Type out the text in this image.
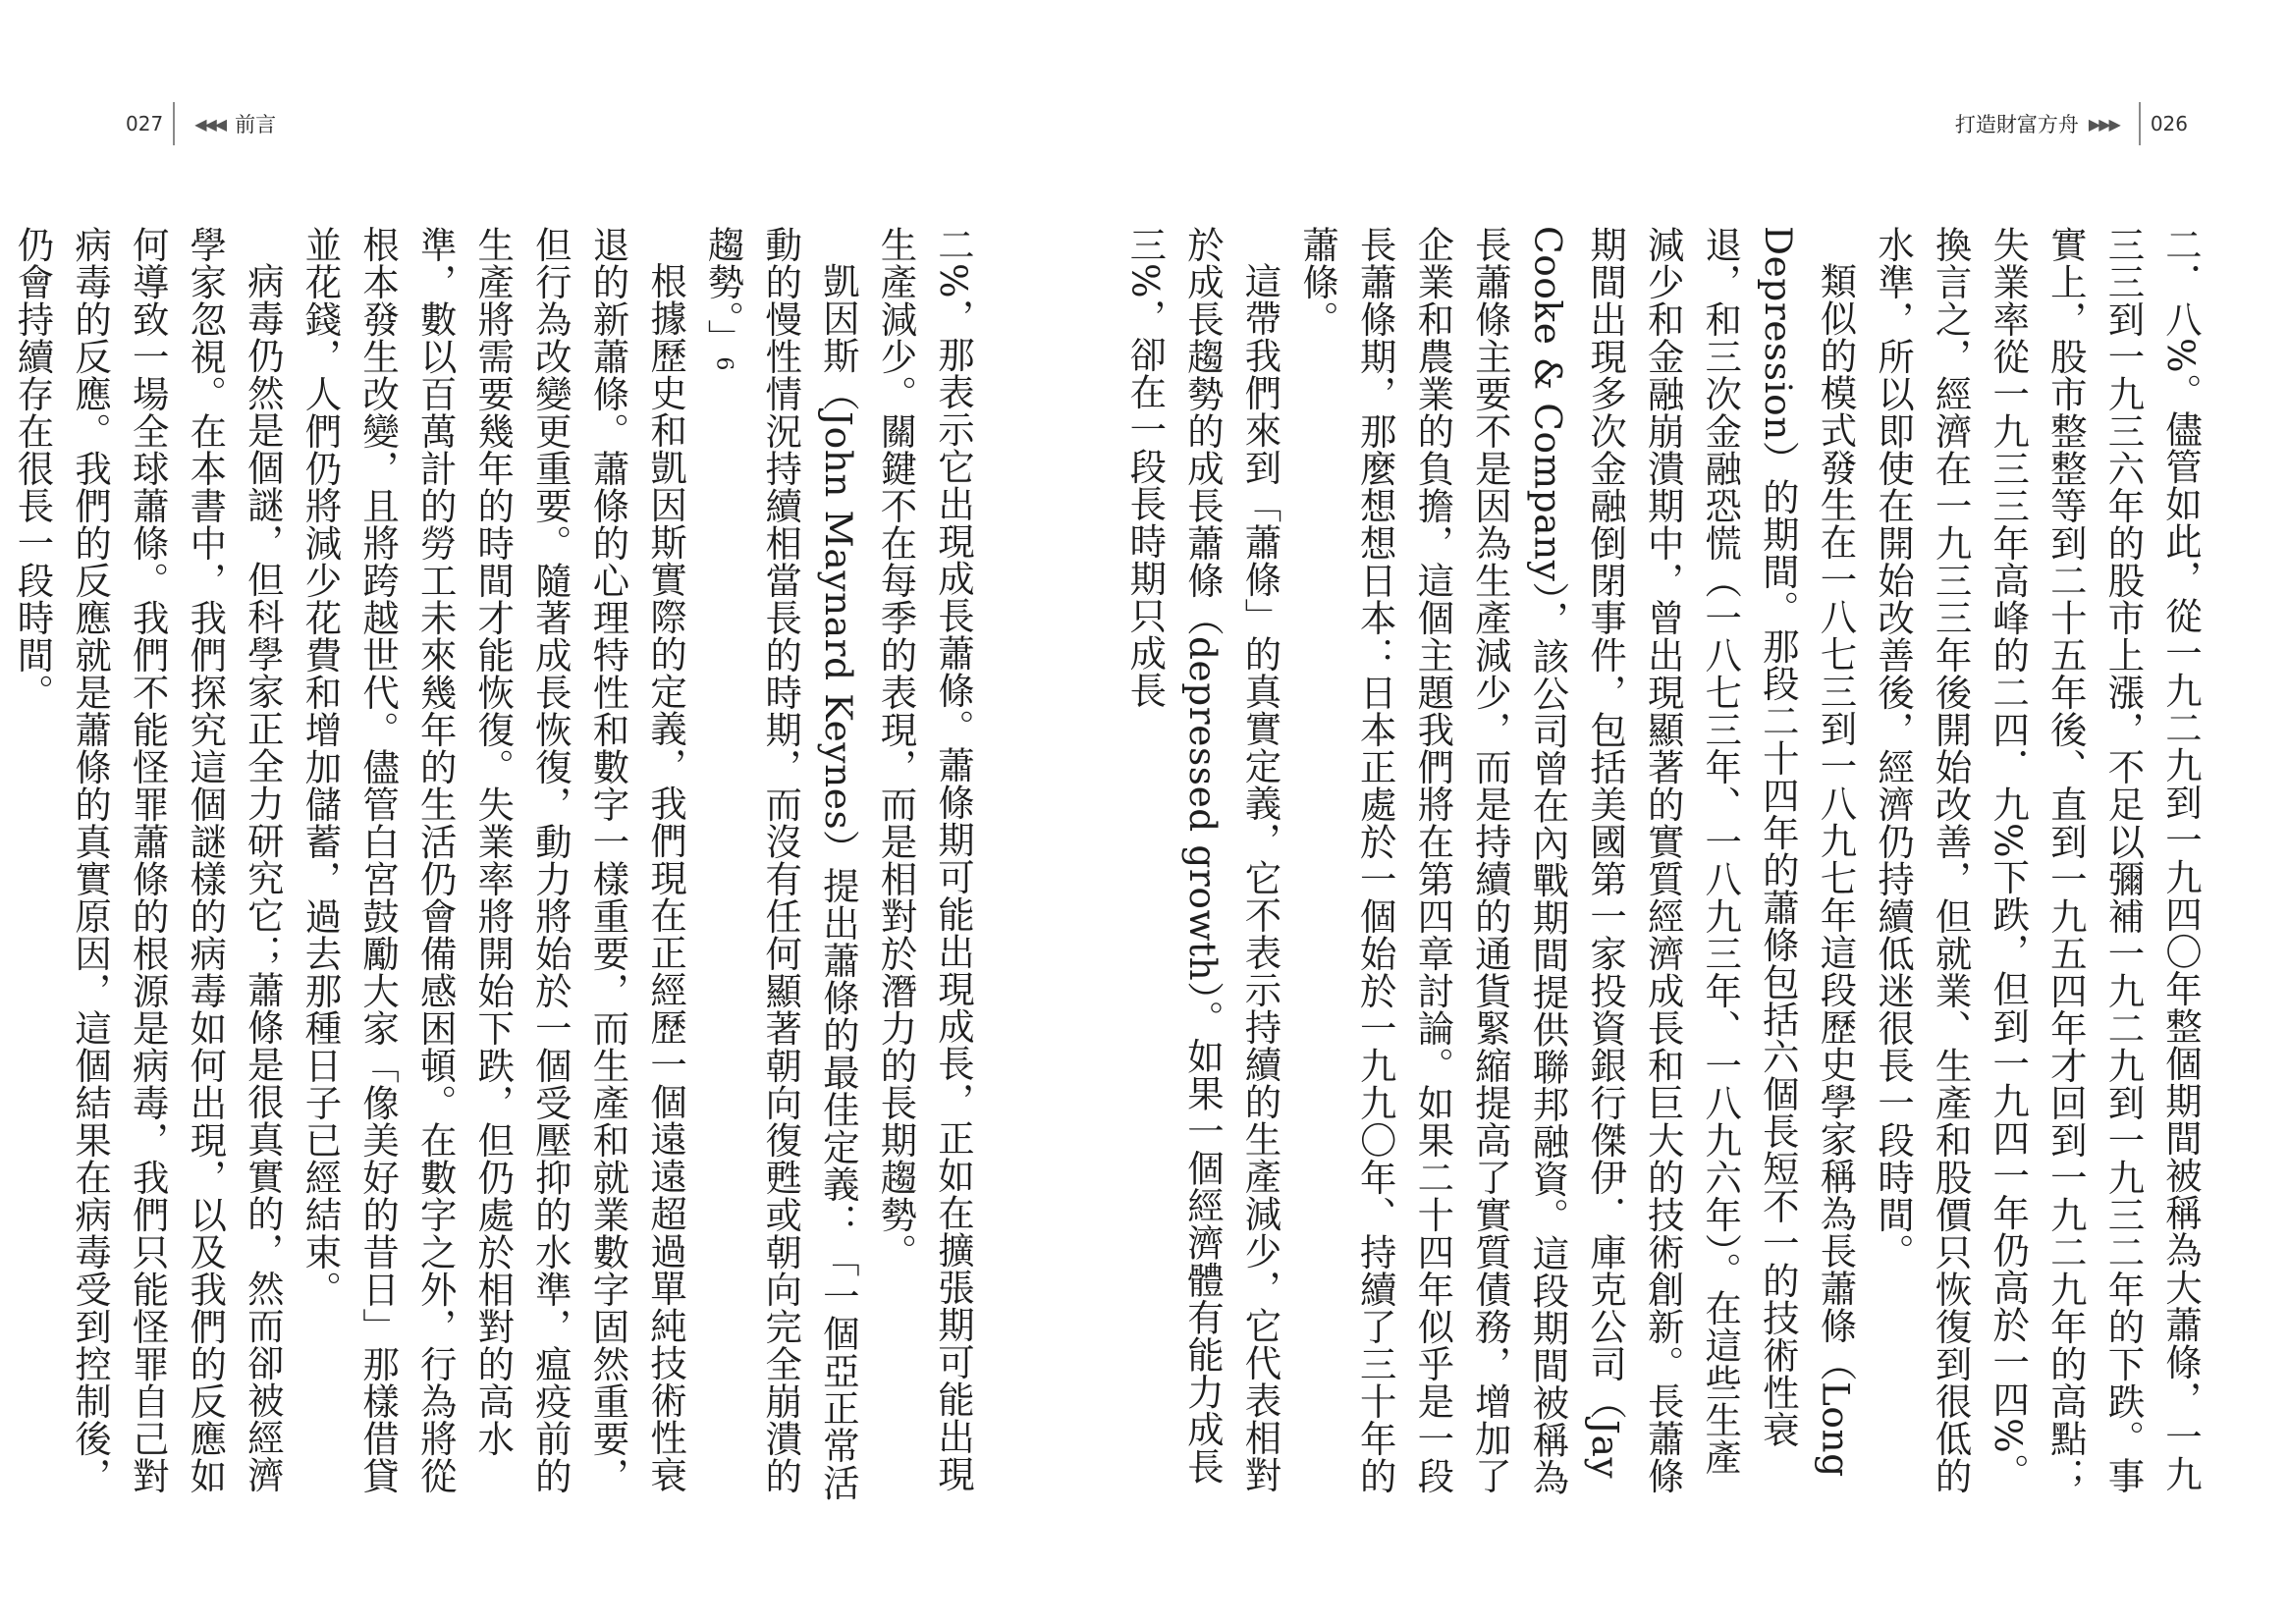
027 ◀◀◀ 前言	打造財富方舟 ▶▶▶ 026

二．八%。儘管如此，從一九二九到一九四〇年整個期間被稱為大蕭條，一九三三到一九三六年的股市上漲，不足以彌補一九二九到一九三二年的下跌。事實上，股市整整等到二十五年後、直到一九五四年才回到一九二九年的高點；失業率從一九三三年高峰的二四．九%下跌，但到一九四一年仍高於一四%。換言之，經濟在一九三三年後開始改善，但就業、生產和股價只恢復到很低的水準，所以即使在開始改善後，經濟仍持續低迷很長一段時間。

類似的模式發生在一八七三到一八九七年這段歷史學家稱為長蕭條（Long Depression）的期間。那段二十四年的蕭條包括六個長短不一的技術性衰退，和三次金融恐慌（一八七三年、一八九三年、一八九六年）。在這些生產減少和金融崩潰期中，曾出現顯著的實質經濟成長和巨大的技術創新。長蕭條期間出現多次金融倒閉事件，包括美國第一家投資銀行傑伊．庫克公司（Jay Cooke & Company），該公司曾在內戰期間提供聯邦融資。這段期間被稱為長蕭條主要不是因為生產減少，而是持續的通貨緊縮提高了實質債務，增加了企業和農業的負擔，這個主題我們將在第四章討論。如果二十四年似乎是一段長蕭條期，那麼想想日本：日本正處於一個始於一九九〇年、持續了三十年的蕭條。

這帶我們來到「蕭條」的真實定義，它不表示持續的生產減少，它代表相對於成長趨勢的成長蕭條（depressed growth）。如果一個經濟體有能力成長三%，卻在一段長時期只成長

二%，那表示它出現成長蕭條。蕭條期可能出現成長，正如在擴張期可能出現生產減少。關鍵不在每季的表現，而是相對於潛力的長期趨勢。

凱因斯（John Maynard Keynes）提出蕭條的最佳定義：「一個亞正常活動的慢性情況持續相當長的時期，而沒有任何顯著朝向復甦或朝向完全崩潰的趨勢。」6

根據歷史和凱因斯實際的定義，我們現在正經歷一個遠遠超過單純技術性衰退的新蕭條。蕭條的心理特性和數字一樣重要，而生產和就業數字固然重要，但行為改變更重要。隨著成長恢復，動力將始於一個受壓抑的水準，瘟疫前的生產將需要幾年的時間才能恢復。失業率將開始下跌，但仍處於相對的高水準，數以百萬計的勞工未來幾年的生活仍會備感困頓。在數字之外，行為將從根本發生改變，且將跨越世代。儘管白宮鼓勵大家「像美好的昔日」那樣借貸並花錢，人們仍將減少花費和增加儲蓄，過去那種日子已經結束。

病毒仍然是個謎，但科學家正全力研究它；蕭條是很真實的，然而卻被經濟學家忽視。在本書中，我們探究這個謎樣的病毒如何出現，以及我們的反應如何導致一場全球蕭條。我們不能怪罪蕭條的根源是病毒，我們只能怪罪自己對病毒的反應。我們的反應就是蕭條的真實原因，這個結果在病毒受到控制後，仍會持續存在很長一段時間。
